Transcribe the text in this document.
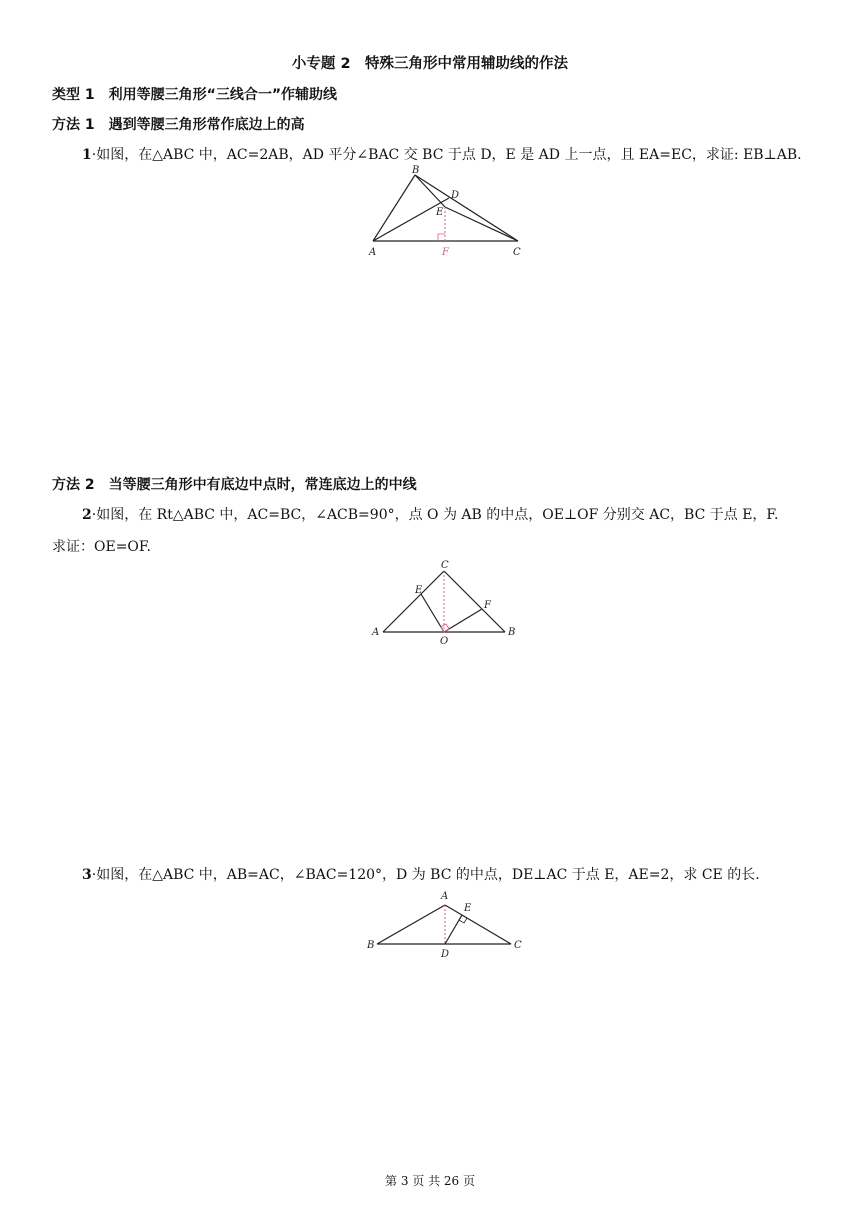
小专题 2　特殊三角形中常用辅助线的作法
类型 1　利用等腰三角形“三线合一”作辅助线
方法 1　遇到等腰三角形常作底边上的高
1·如图，在△ABC 中，AC=2AB，AD 平分∠BAC 交 BC 于点 D，E 是 AD 上一点，且 EA=EC，求证: EB⊥AB.
B
D
E
A	F	C
方法 2　当等腰三角形中有底边中点时，常连底边上的中线
2·如图，在 Rt△ABC 中，AC=BC，∠ACB=90°，点 O 为 AB 的中点，OE⊥OF 分别交 AC，BC 于点 E，F.
求证：OE=OF.
C
E
F
A	B
O
3·如图，在△ABC 中，AB=AC，∠BAC=120°，D 为 BC 的中点，DE⊥AC 于点 E，AE=2，求 CE 的长.
A
E
B	C
D
第 3 页 共 26 页
